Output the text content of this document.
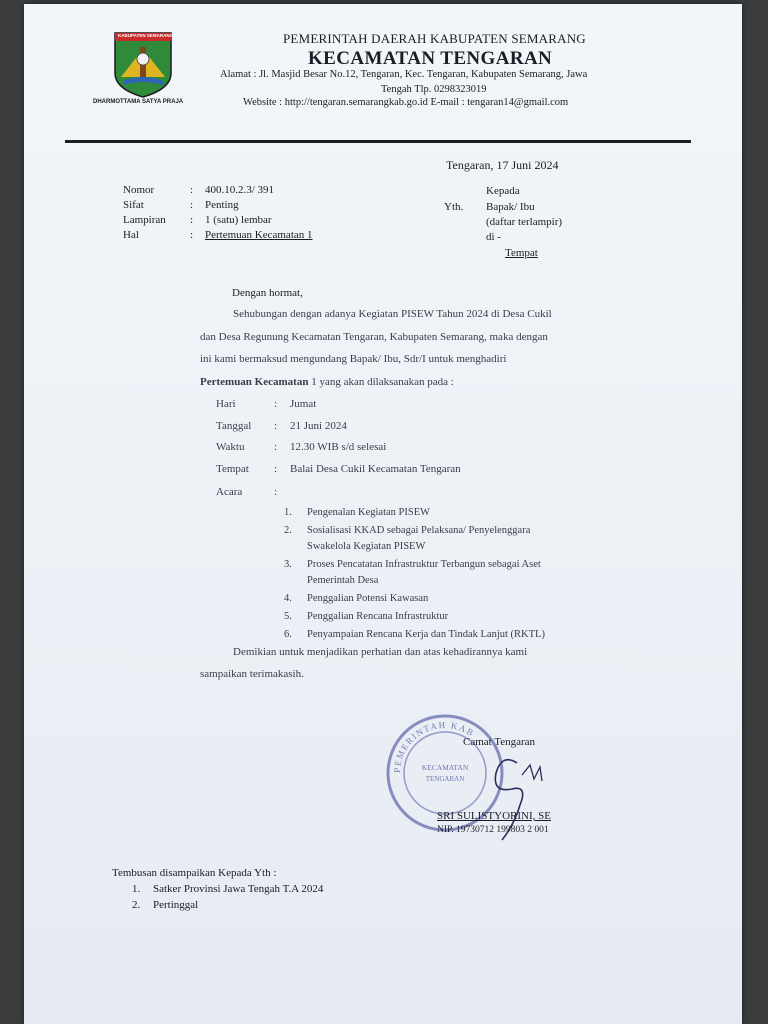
KABUPATEN SEMARANG
DHARMOTTAMA SATYA PRAJA
PEMERINTAH DAERAH KABUPATEN SEMARANG
KECAMATAN TENGARAN
Alamat : Jl. Masjid Besar No.12, Tengaran, Kec. Tengaran, Kabupaten Semarang, Jawa
Tengah Tlp. 0298323019
Website : http://tengaran.semarangkab.go.id E-mail : tengaran14@gmail.com
Tengaran, 17 Juni 2024
Nomor	: 400.10.2.3/ 391
Sifat	: Penting
Lampiran : 1 (satu) lembar
Hal	: Pertemuan Kecamatan 1
Kepada
Yth. Bapak/ Ibu
(daftar terlampir)
di -
Tempat
Dengan hormat,
Sehubungan dengan adanya Kegiatan PISEW Tahun 2024 di Desa Cukil
dan Desa Regunung Kecamatan Tengaran, Kabupaten Semarang, maka dengan
ini kami bermaksud mengundang Bapak/ Ibu, Sdr/I untuk menghadiri
Pertemuan Kecamatan 1 yang akan dilaksanakan pada :
Hari	: Jumat
Tanggal : 21 Juni 2024
Waktu	: 12.30 WIB s/d selesai
Tempat : Balai Desa Cukil Kecamatan Tengaran
Acara	:
1. Pengenalan Kegiatan PISEW
2. Sosialisasi KKAD sebagai Pelaksana/ Penyelenggara
Swakelola Kegiatan PISEW
3. Proses Pencatatan Infrastruktur Terbangun sebagai Aset
Pemerintah Desa
4. Penggalian Potensi Kawasan
5. Penggalian Rencana Infrastruktur
6. Penyampaian Rencana Kerja dan Tindak Lanjut (RKTL)
Demikian untuk menjadikan perhatian dan atas kehadirannya kami
sampaikan terimakasih.
PEMERINTAH KAB
KECAMATAN
TENGARAN
Camat Tengaran
SRI SULISTYORINI, SE
NIP. 19730712 199803 2 001
Tembusan disampaikan Kepada Yth :
1. Satker Provinsi Jawa Tengah T.A 2024
2. Pertinggal
